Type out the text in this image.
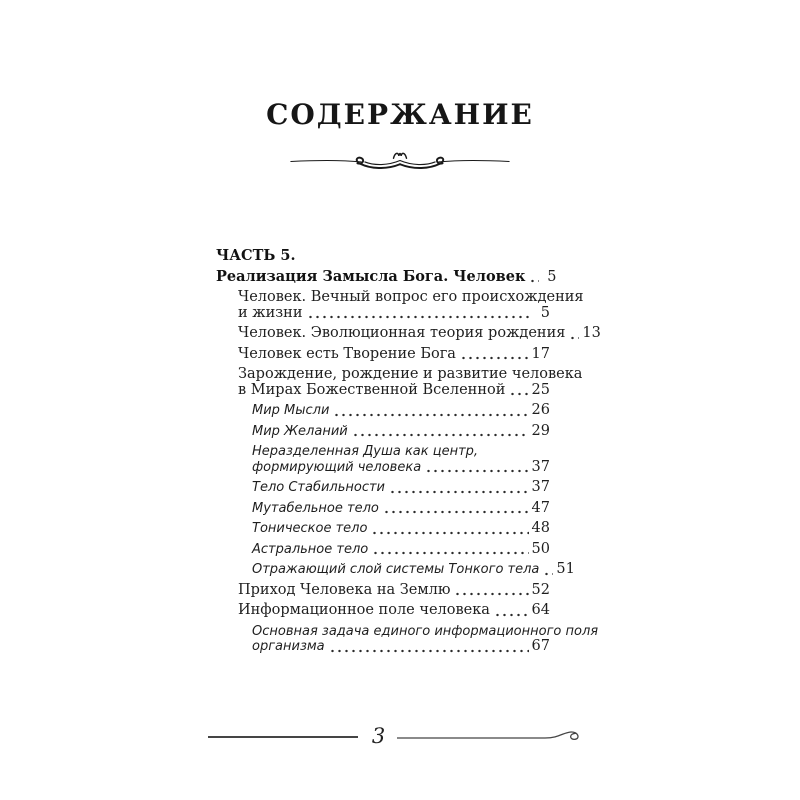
СОДЕРЖАНИЕ
ЧАСТЬ 5.
Реализация Замысла Бога. Человек	5
Человек. Вечный вопрос его происхождения
и жизни	5
Человек. Эволюционная теория рождения 13
Человек есть Творение Бога	17
Зарождение, рождение и развитие человека
в Мирах Божественной Вселенной 25
Мир Мысли	26
Мир Желаний	29
Неразделенная Душа как центр,
формирующий человека	37
Тело Стабильности	37
Мутабельное тело	47
Тоническое тело	48
Астральное тело	50
Отражающий слой системы Тонкого тела 51
Приход Человека на Землю	52
Информационное поле человека	64
Основная задача единого информационного поля
организма	67
3
